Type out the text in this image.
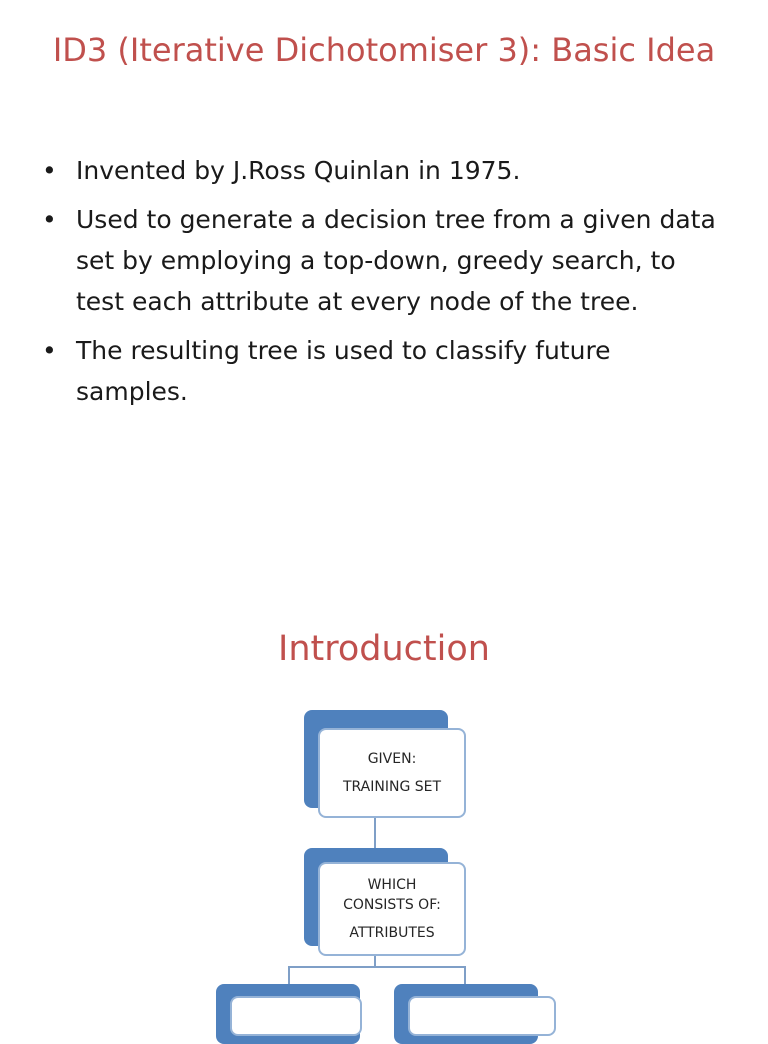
ID3 (Iterative Dichotomiser 3): Basic Idea
• Invented by J.Ross Quinlan in 1975.
• Used to generate a decision tree from a given data set by employing a top-down, greedy search, to test each attribute at every node of the tree.
• The resulting tree is used to classify future samples.
Introduction
GIVEN:
TRAINING SET
WHICH
CONSISTS OF:
ATTRIBUTES
